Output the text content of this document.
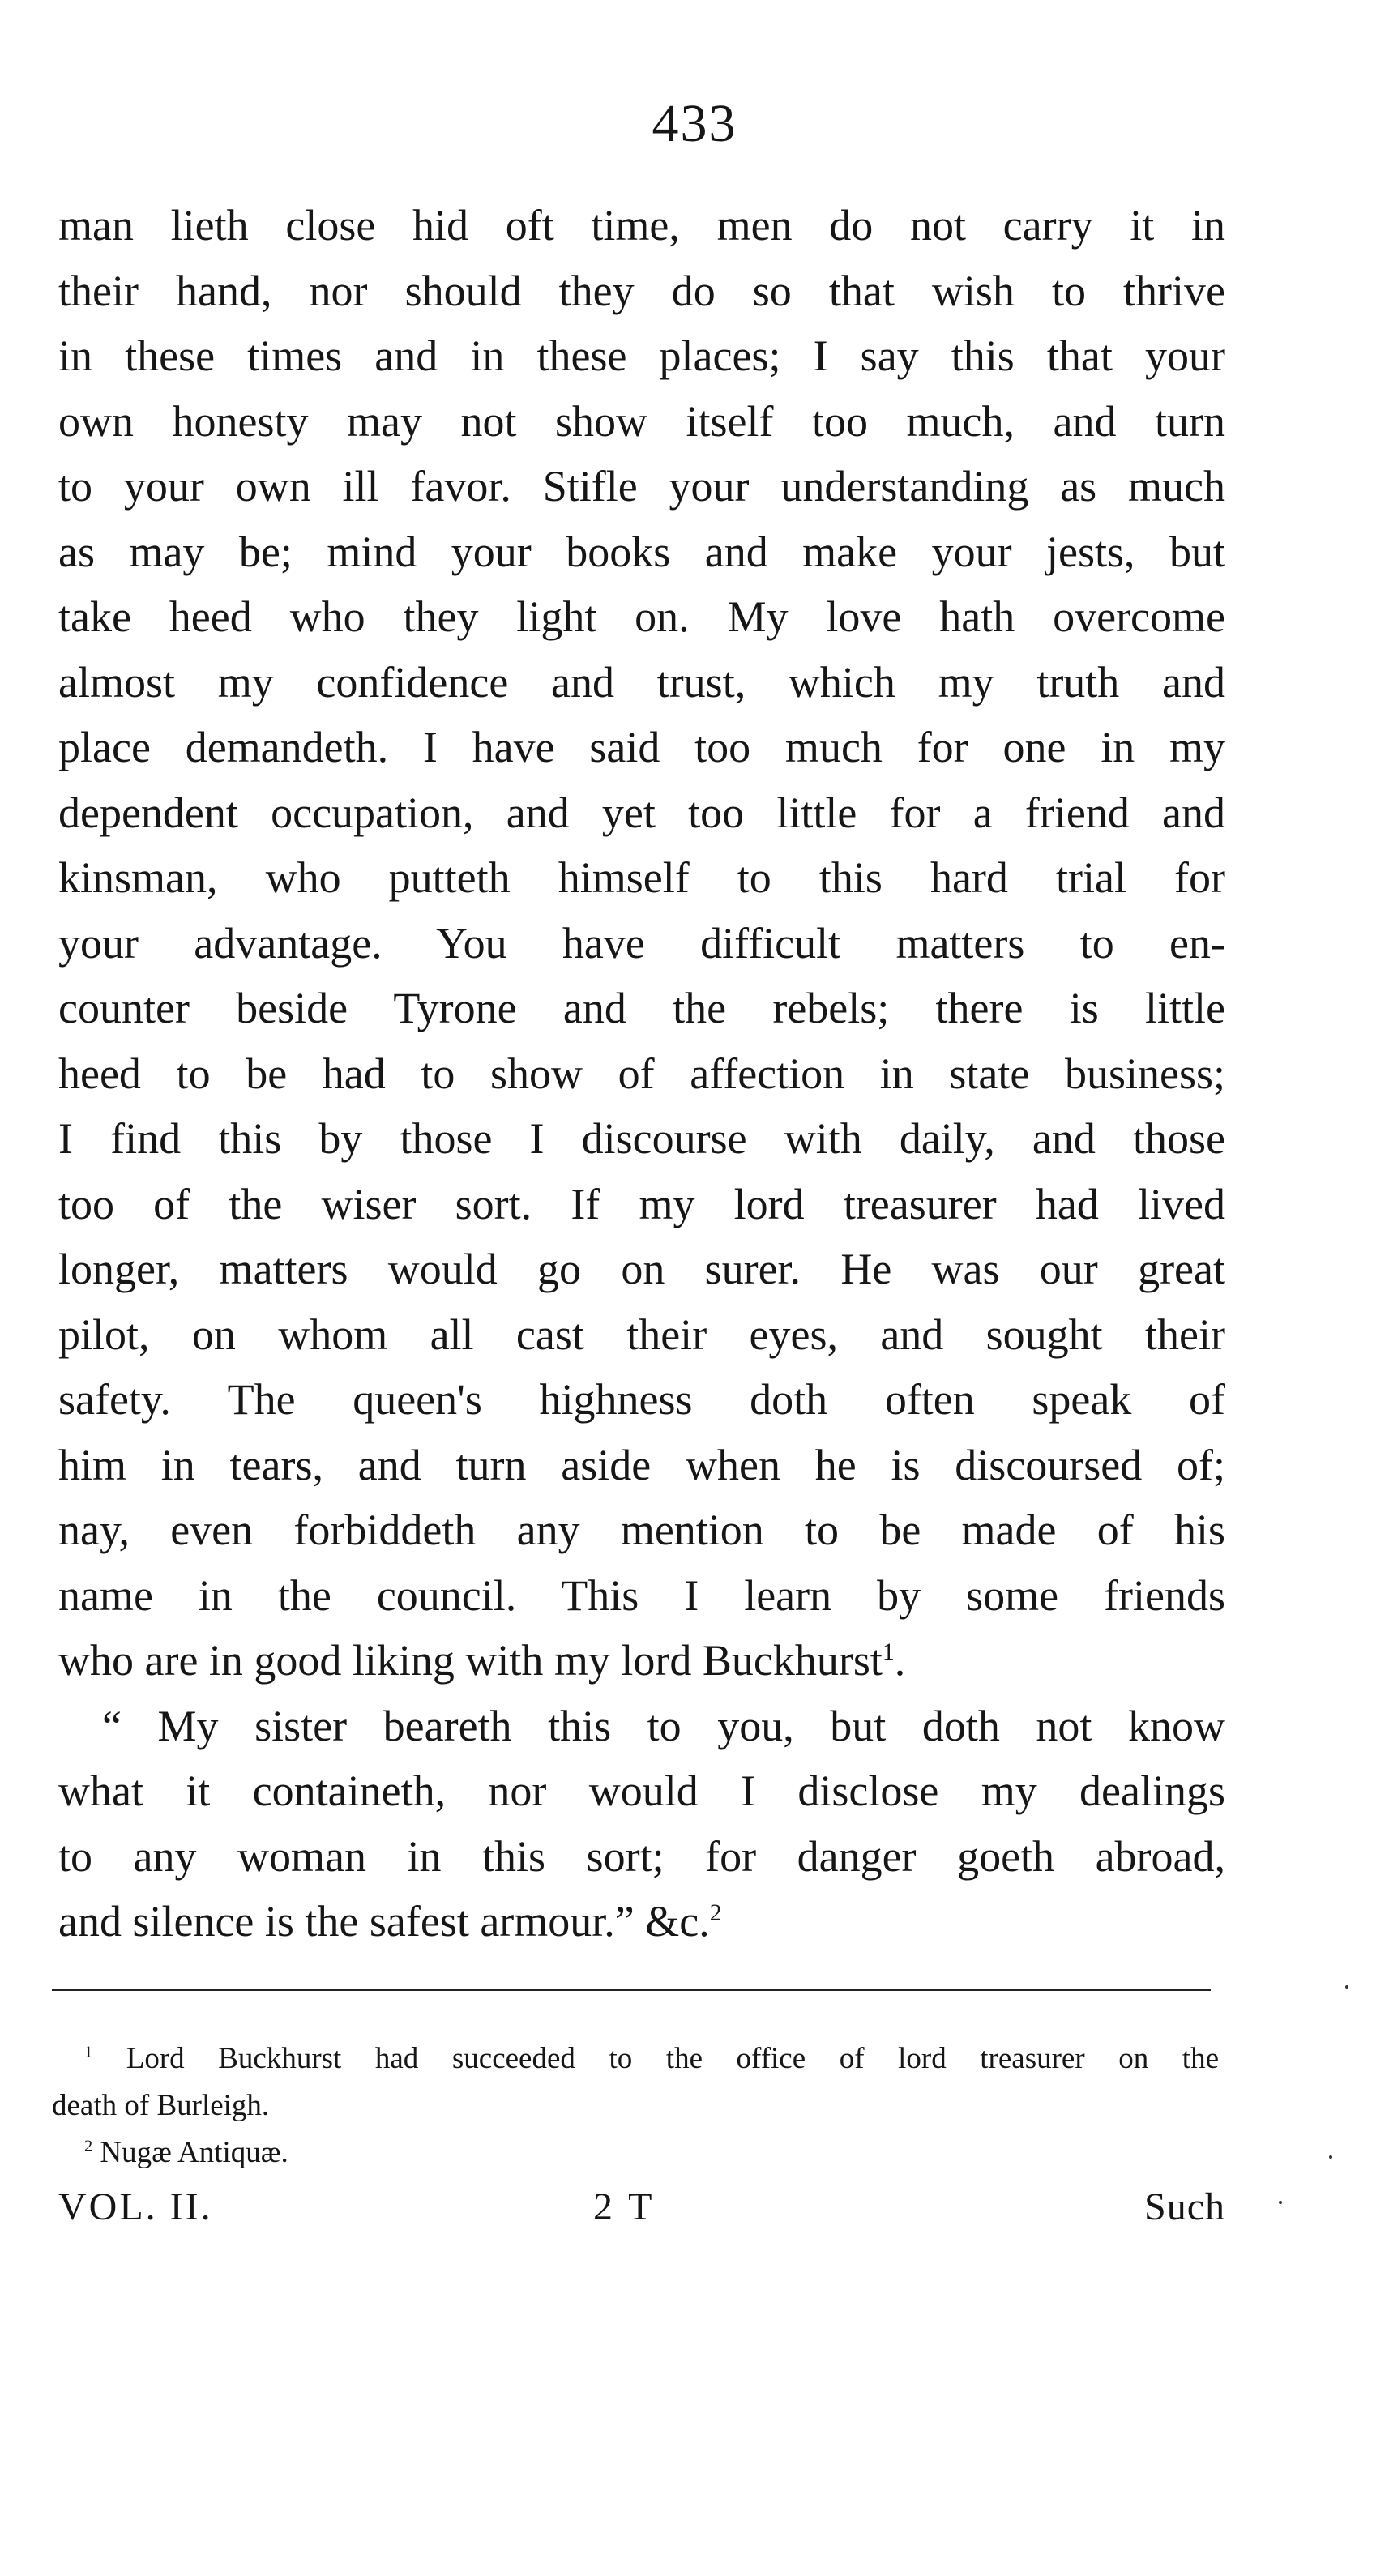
433
man lieth close hid oft time, men do not carry it in
their hand, nor should they do so that wish to thrive
in these times and in these places; I say this that your
own honesty may not show itself too much, and turn
to your own ill favor. Stifle your understanding as much
as may be; mind your books and make your jests, but
take heed who they light on. My love hath overcome
almost my confidence and trust, which my truth and
place demandeth. I have said too much for one in my
dependent occupation, and yet too little for a friend and
kinsman, who putteth himself to this hard trial for
your advantage. You have difficult matters to en-
counter beside Tyrone and the rebels; there is little
heed to be had to show of affection in state business;
I find this by those I discourse with daily, and those
too of the wiser sort. If my lord treasurer had lived
longer, matters would go on surer. He was our great
pilot, on whom all cast their eyes, and sought their
safety. The queen's highness doth often speak of
him in tears, and turn aside when he is discoursed of;
nay, even forbiddeth any mention to be made of his
name in the council. This I learn by some friends
who are in good liking with my lord Buckhurst$^1$.
“ My sister beareth this to you, but doth not know
what it containeth, nor would I disclose my dealings
to any woman in this sort; for danger goeth abroad,
and silence is the safest armour.” &c.$^2$
$^1$ Lord Buckhurst had succeeded to the office of lord treasurer on the
death of Burleigh.
$^2$ Nugæ Antiquæ.
VOL. II.	2 T	Such
